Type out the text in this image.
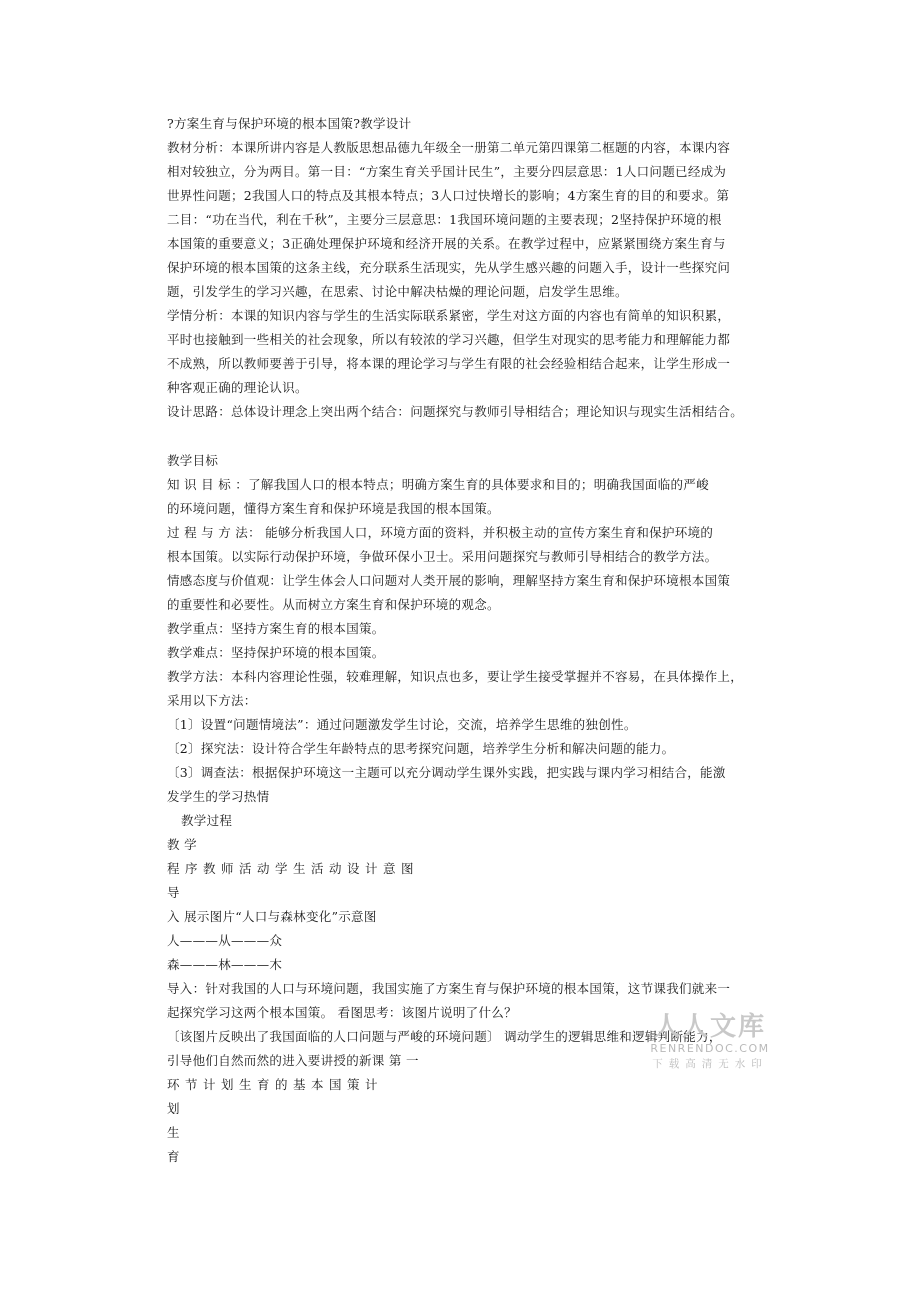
?方案生育与保护环境的根本国策?教学设计
教材分析：本课所讲内容是人教版思想品德九年级全一册第二单元第四课第二框题的内容，本课内容
相对较独立，分为两目。第一目：“方案生育关乎国计民生”，主要分四层意思：1人口问题已经成为
世界性问题；2我国人口的特点及其根本特点；3人口过快增长的影响；4方案生育的目的和要求。第
二目：“功在当代，利在千秋”，主要分三层意思：1我国环境问题的主要表现；2坚持保护环境的根
本国策的重要意义；3正确处理保护环境和经济开展的关系。在教学过程中，应紧紧围绕方案生育与
保护环境的根本国策的这条主线，充分联系生活现实，先从学生感兴趣的问题入手，设计一些探究问
题，引发学生的学习兴趣，在思索、讨论中解决枯燥的理论问题，启发学生思维。
学情分析：本课的知识内容与学生的生活实际联系紧密，学生对这方面的内容也有简单的知识积累，
平时也接触到一些相关的社会现象，所以有较浓的学习兴趣，但学生对现实的思考能力和理解能力都
不成熟，所以教师要善于引导，将本课的理论学习与学生有限的社会经验相结合起来，让学生形成一
种客观正确的理论认识。
设计思路：总体设计理念上突出两个结合：问题探究与教师引导相结合；理论知识与现实生活相结合。
教学目标
知 识 目 标 ：了解我国人口的根本特点；明确方案生育的具体要求和目的；明确我国面临的严峻
的环境问题，懂得方案生育和保护环境是我国的根本国策。
过 程 与 方 法： 能够分析我国人口，环境方面的资料，并积极主动的宣传方案生育和保护环境的
根本国策。以实际行动保护环境，争做环保小卫士。采用问题探究与教师引导相结合的教学方法。
情感态度与价值观：让学生体会人口问题对人类开展的影响，理解坚持方案生育和保护环境根本国策
的重要性和必要性。从而树立方案生育和保护环境的观念。
教学重点：坚持方案生育的根本国策。
教学难点：坚持保护环境的根本国策。
教学方法：本科内容理论性强，较难理解，知识点也多，要让学生接受掌握并不容易，在具体操作上，
采用以下方法：
〔1〕设置“问题情境法”：通过问题激发学生讨论，交流，培养学生思维的独创性。
〔2〕探究法：设计符合学生年龄特点的思考探究问题，培养学生分析和解决问题的能力。
〔3〕调查法：根据保护环境这一主题可以充分调动学生课外实践，把实践与课内学习相结合，能激
发学生的学习热情
教学过程
教 学
程序教师活动学生活动设计意图
导
入 展示图片“人口与森林变化”示意图
人———从———众
森———林———木
导入：针对我国的人口与环境问题，我国实施了方案生育与保护环境的根本国策，这节课我们就来一
起探究学习这两个根本国策。 看图思考：该图片说明了什么？
〔该图片反映出了我国面临的人口问题与严峻的环境问题〕 调动学生的逻辑思维和逻辑判断能力，
引导他们自然而然的进入要讲授的新课 第 一
环节计划生育的基本国策计
划
生
育
人人文库
RENRENDOC.COM
下载高清无水印
